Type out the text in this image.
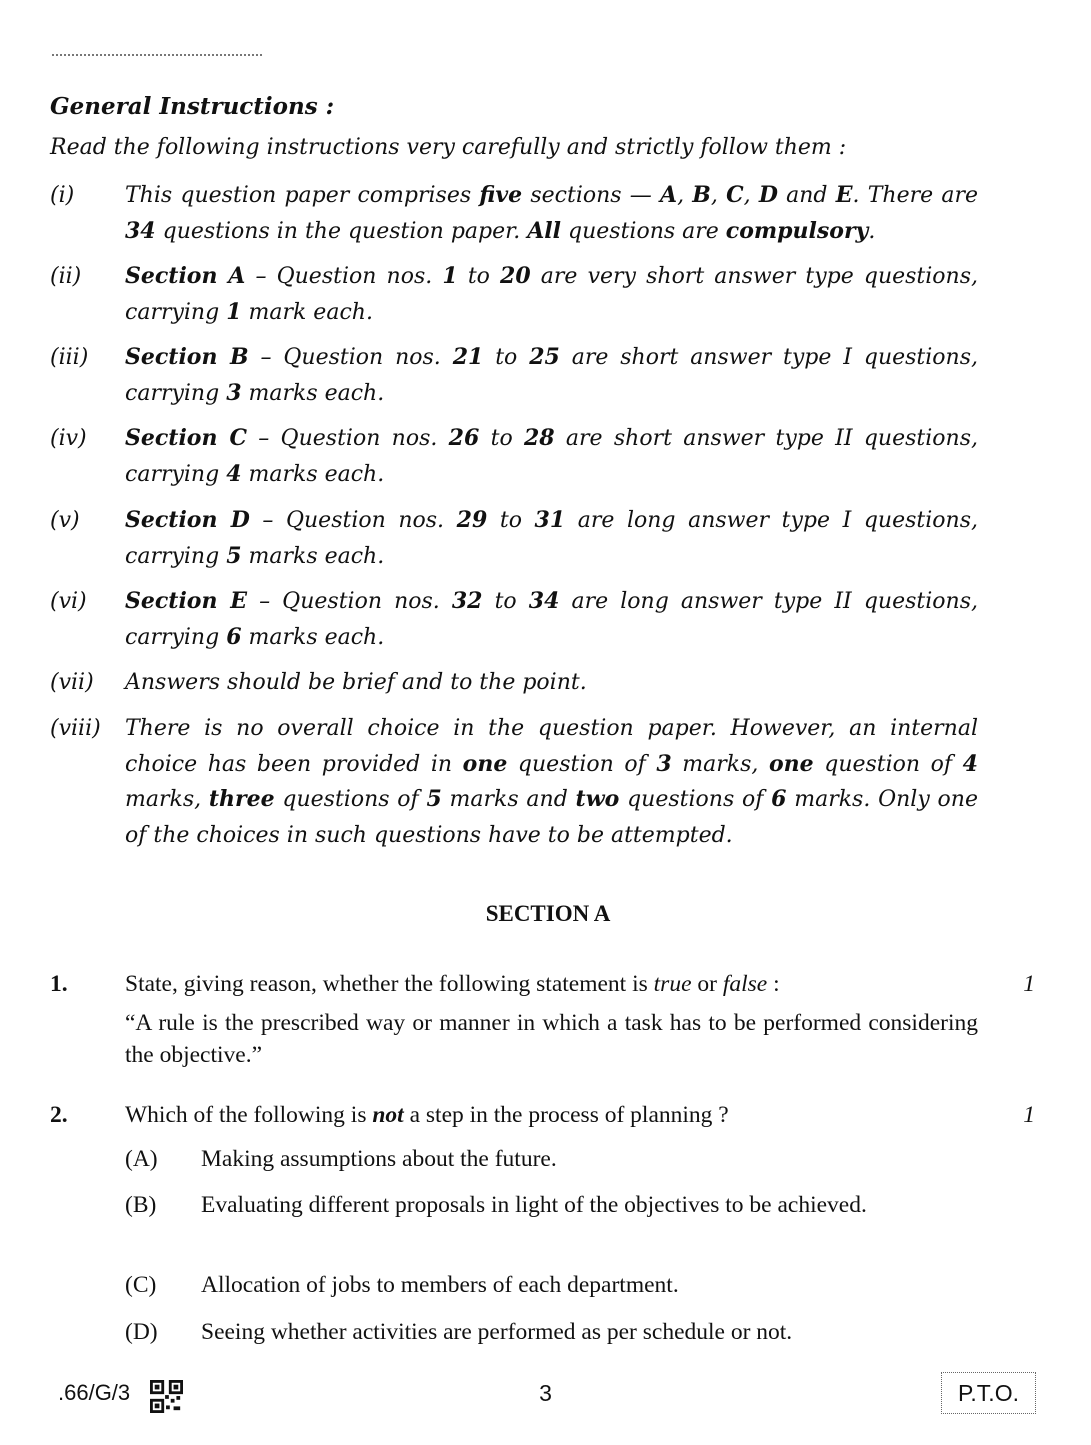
General Instructions :
Read the following instructions very carefully and strictly follow them :
(i) This question paper comprises five sections — A, B, C, D and E. There are 34 questions in the question paper. All questions are compulsory.
(ii) Section A – Question nos. 1 to 20 are very short answer type questions, carrying 1 mark each.
(iii) Section B – Question nos. 21 to 25 are short answer type I questions, carrying 3 marks each.
(iv) Section C – Question nos. 26 to 28 are short answer type II questions, carrying 4 marks each.
(v) Section D – Question nos. 29 to 31 are long answer type I questions, carrying 5 marks each.
(vi) Section E – Question nos. 32 to 34 are long answer type II questions, carrying 6 marks each.
(vii) Answers should be brief and to the point.
(viii) There is no overall choice in the question paper. However, an internal choice has been provided in one question of 3 marks, one question of 4 marks, three questions of 5 marks and two questions of 6 marks. Only one of the choices in such questions have to be attempted.
SECTION A
1.	1
State, giving reason, whether the following statement is true or false :
“A rule is the prescribed way or manner in which a task has to be performed considering the objective.”
2.	1
Which of the following is not a step in the process of planning ?
(A) Making assumptions about the future.
(B) Evaluating different proposals in light of the objectives to be achieved.
(C) Allocation of jobs to members of each department.
(D) Seeing whether activities are performed as per schedule or not.
.66/G/3	3	P.T.O.
